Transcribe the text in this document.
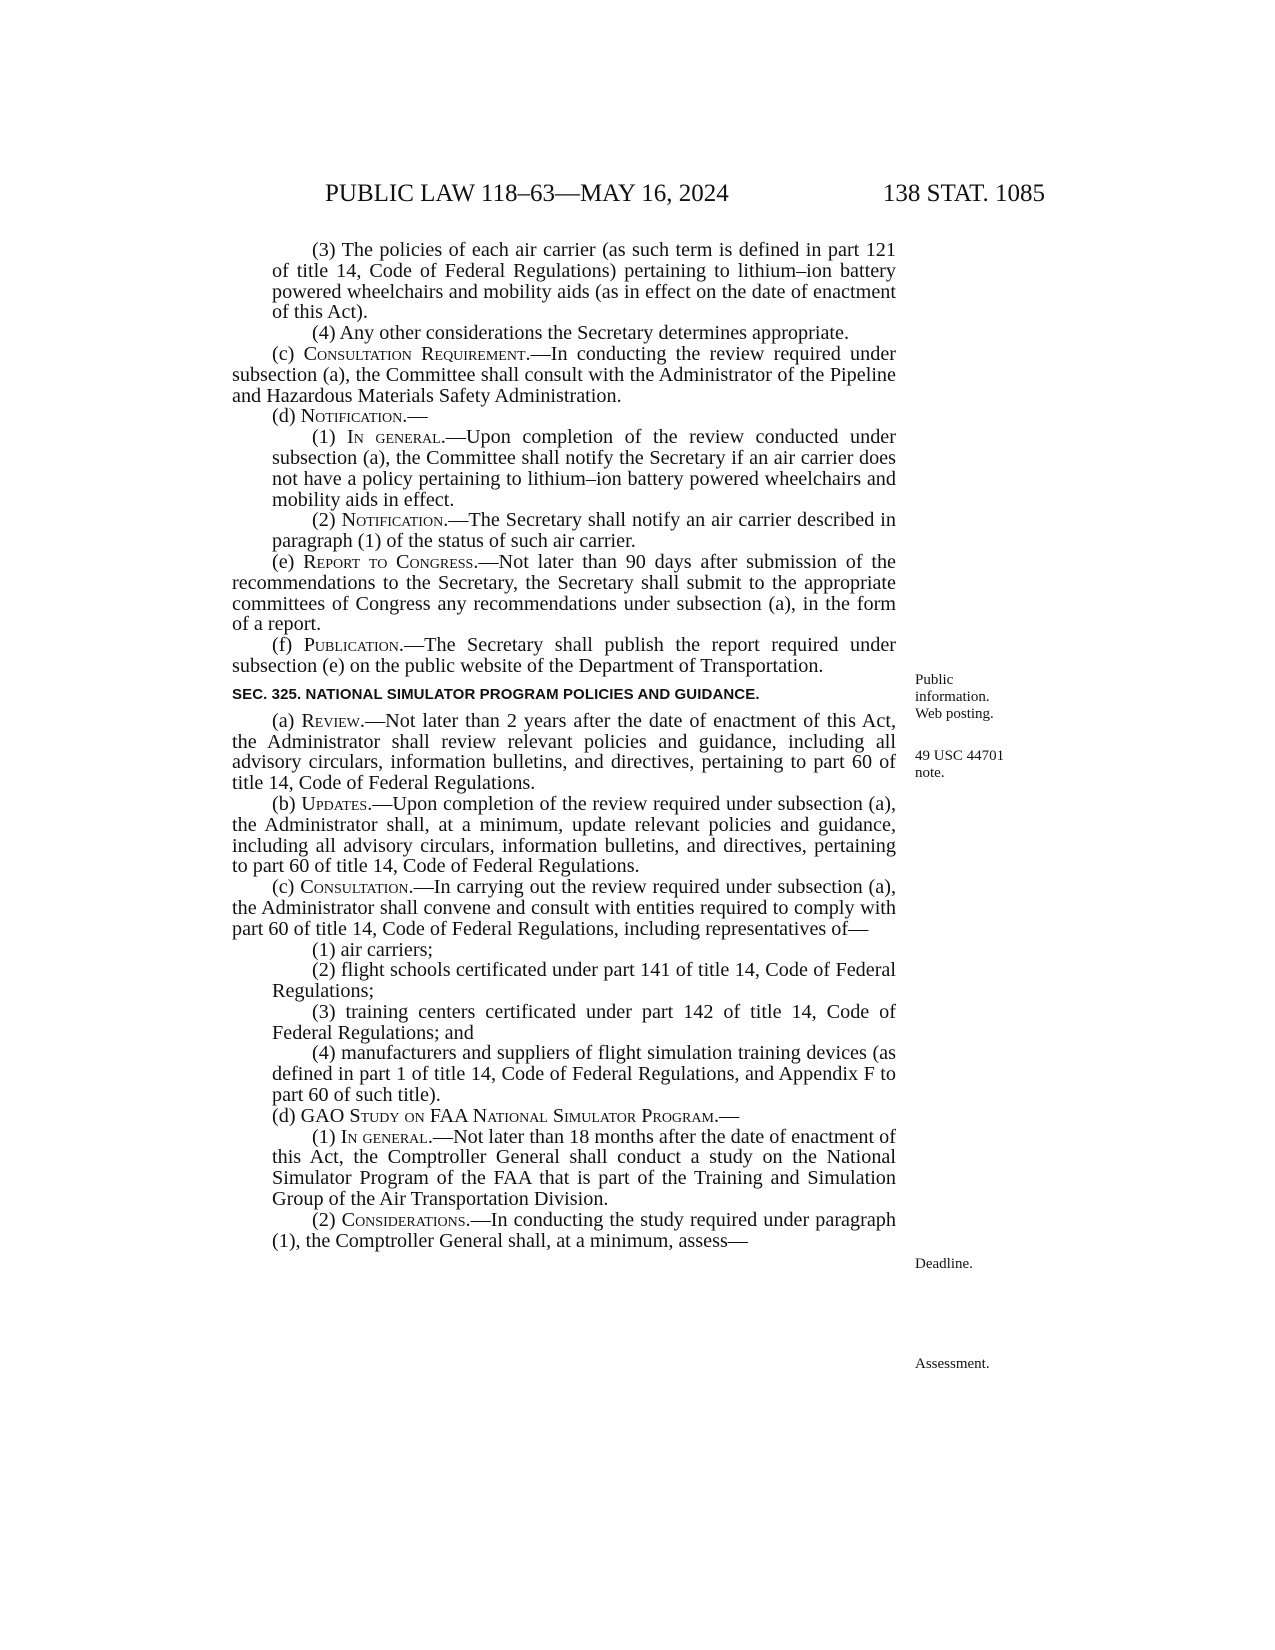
PUBLIC LAW 118–63—MAY 16, 2024	138 STAT. 1085

(3) The policies of each air carrier (as such term is defined in part 121 of title 14, Code of Federal Regulations) pertaining to lithium–ion battery powered wheelchairs and mobility aids (as in effect on the date of enactment of this Act).

(4) Any other considerations the Secretary determines appropriate.

(c) Consultation Requirement.—In conducting the review required under subsection (a), the Committee shall consult with the Administrator of the Pipeline and Hazardous Materials Safety Administration.

(d) Notification.—

(1) In general.—Upon completion of the review conducted under subsection (a), the Committee shall notify the Secretary if an air carrier does not have a policy pertaining to lithium–ion battery powered wheelchairs and mobility aids in effect.

(2) Notification.—The Secretary shall notify an air carrier described in paragraph (1) of the status of such air carrier.

(e) Report to Congress.—Not later than 90 days after submission of the recommendations to the Secretary, the Secretary shall submit to the appropriate committees of Congress any recommendations under subsection (a), in the form of a report.

(f) Publication.—The Secretary shall publish the report required under subsection (e) on the public website of the Department of Transportation.

SEC. 325. NATIONAL SIMULATOR PROGRAM POLICIES AND GUIDANCE.

(a) Review.—Not later than 2 years after the date of enactment of this Act, the Administrator shall review relevant policies and guidance, including all advisory circulars, information bulletins, and directives, pertaining to part 60 of title 14, Code of Federal Regulations.

(b) Updates.—Upon completion of the review required under subsection (a), the Administrator shall, at a minimum, update relevant policies and guidance, including all advisory circulars, information bulletins, and directives, pertaining to part 60 of title 14, Code of Federal Regulations.

(c) Consultation.—In carrying out the review required under subsection (a), the Administrator shall convene and consult with entities required to comply with part 60 of title 14, Code of Federal Regulations, including representatives of—

(1) air carriers;

(2) flight schools certificated under part 141 of title 14, Code of Federal Regulations;

(3) training centers certificated under part 142 of title 14, Code of Federal Regulations; and

(4) manufacturers and suppliers of flight simulation training devices (as defined in part 1 of title 14, Code of Federal Regulations, and Appendix F to part 60 of such title).

(d) GAO Study on FAA National Simulator Program.—

(1) In general.—Not later than 18 months after the date of enactment of this Act, the Comptroller General shall conduct a study on the National Simulator Program of the FAA that is part of the Training and Simulation Group of the Air Transportation Division.

(2) Considerations.—In conducting the study required under paragraph (1), the Comptroller General shall, at a minimum, assess—

Public
information.
Web posting.
49 USC 44701
note.
Deadline.
Assessment.
